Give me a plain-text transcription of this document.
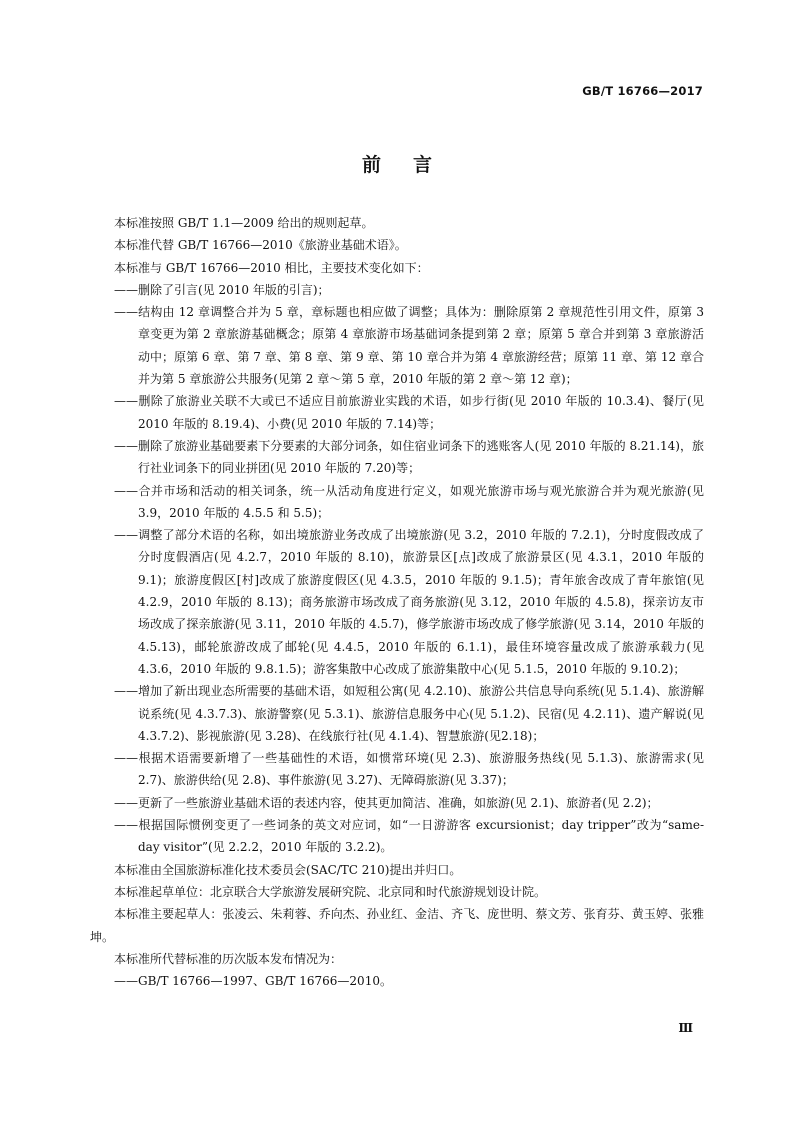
GB/T 16766—2017
前言

本标准按照 GB/T 1.1—2009 给出的规则起草。

本标准代替 GB/T 16766—2010《旅游业基础术语》。

本标准与 GB/T 16766—2010 相比，主要技术变化如下：

——删除了引言(见 2010 年版的引言)；

——结构由 12 章调整合并为 5 章，章标题也相应做了调整；具体为：删除原第 2 章规范性引用文件，原第 3 章变更为第 2 章旅游基础概念；原第 4 章旅游市场基础词条提到第 2 章；原第 5 章合并到第 3 章旅游活动中；原第 6 章、第 7 章、第 8 章、第 9 章、第 10 章合并为第 4 章旅游经营；原第 11 章、第 12 章合并为第 5 章旅游公共服务(见第 2 章～第 5 章，2010 年版的第 2 章～第 12 章)；

——删除了旅游业关联不大或已不适应目前旅游业实践的术语，如步行街(见 2010 年版的 10.3.4)、餐厅(见 2010 年版的 8.19.4)、小费(见 2010 年版的 7.14)等；

——删除了旅游业基础要素下分要素的大部分词条，如住宿业词条下的逃账客人(见 2010 年版的 8.21.14)，旅行社业词条下的同业拼团(见 2010 年版的 7.20)等；

——合并市场和活动的相关词条，统一从活动角度进行定义，如观光旅游市场与观光旅游合并为观光旅游(见 3.9，2010 年版的 4.5.5 和 5.5)；

——调整了部分术语的名称，如出境旅游业务改成了出境旅游(见 3.2，2010 年版的 7.2.1)，分时度假改成了分时度假酒店(见 4.2.7，2010 年版的 8.10)，旅游景区[点]改成了旅游景区(见 4.3.1，2010 年版的 9.1)；旅游度假区[村]改成了旅游度假区(见 4.3.5，2010 年版的 9.1.5)；青年旅舍改成了青年旅馆(见 4.2.9，2010 年版的 8.13)；商务旅游市场改成了商务旅游(见 3.12，2010 年版的 4.5.8)，探亲访友市场改成了探亲旅游(见 3.11，2010 年版的 4.5.7)，修学旅游市场改成了修学旅游(见 3.14，2010 年版的 4.5.13)，邮轮旅游改成了邮轮(见 4.4.5，2010 年版的 6.1.1)，最佳环境容量改成了旅游承载力(见 4.3.6，2010 年版的 9.8.1.5)；游客集散中心改成了旅游集散中心(见 5.1.5，2010 年版的 9.10.2)；

——增加了新出现业态所需要的基础术语，如短租公寓(见 4.2.10)、旅游公共信息导向系统(见 5.1.4)、旅游解说系统(见 4.3.7.3)、旅游警察(见 5.3.1)、旅游信息服务中心(见 5.1.2)、民宿(见 4.2.11)、遗产解说(见 4.3.7.2)、影视旅游(见 3.28)、在线旅行社(见 4.1.4)、智慧旅游(见2.18)；

——根据术语需要新增了一些基础性的术语，如惯常环境(见 2.3)、旅游服务热线(见 5.1.3)、旅游需求(见 2.7)、旅游供给(见 2.8)、事件旅游(见 3.27)、无障碍旅游(见 3.37)；

——更新了一些旅游业基础术语的表述内容，使其更加简洁、准确，如旅游(见 2.1)、旅游者(见 2.2)；

——根据国际惯例变更了一些词条的英文对应词，如“一日游游客 excursionist；day tripper”改为“same-day visitor”(见 2.2.2，2010 年版的 3.2.2)。

本标准由全国旅游标准化技术委员会(SAC/TC 210)提出并归口。

本标准起草单位：北京联合大学旅游发展研究院、北京同和时代旅游规划设计院。

本标准主要起草人：张凌云、朱莉蓉、乔向杰、孙业红、金洁、齐飞、庞世明、蔡文芳、张育芬、黄玉婷、张雅坤。

本标准所代替标准的历次版本发布情况为：

——GB/T 16766—1997、GB/T 16766—2010。

Ⅲ
